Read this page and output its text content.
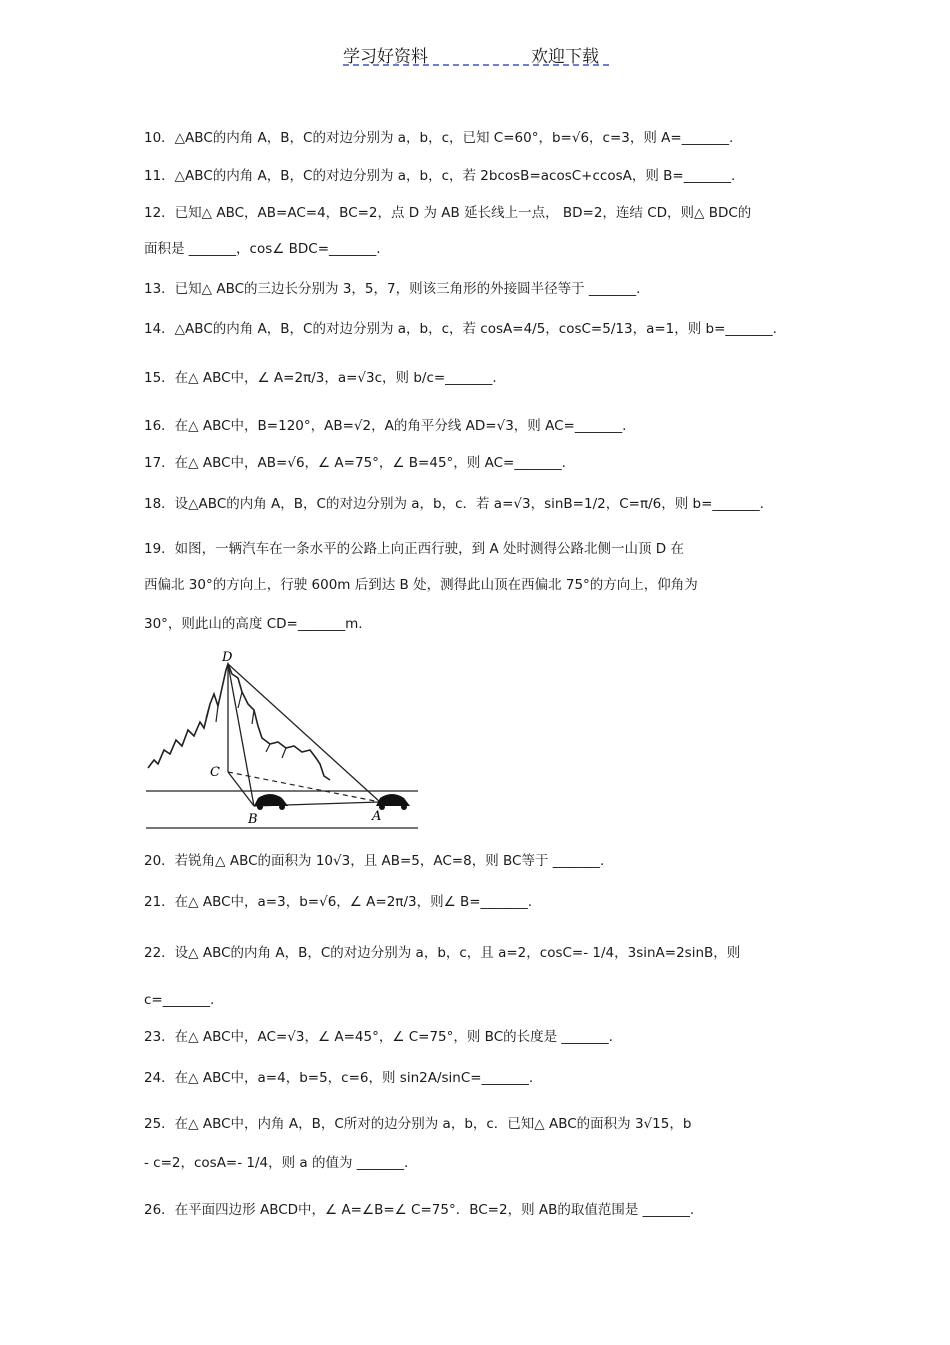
学习好资料	欢迎下载
10．△ABC的内角 A，B，C的对边分别为 a，b，c，已知 C=60°，b=√6，c=3，则 A=_______.
11．△ABC的内角 A，B，C的对边分别为 a，b，c，若 2bcosB=acosC+ccosA，则 B=_______.
12．已知△ ABC，AB=AC=4，BC=2，点 D 为 AB 延长线上一点， BD=2，连结 CD，则△ BDC的
面积是 _______，cos∠ BDC=_______.
13．已知△ ABC的三边长分别为 3，5，7，则该三角形的外接圆半径等于 _______.
14．△ABC的内角 A，B，C的对边分别为 a，b，c，若 cosA=4/5，cosC=5/13，a=1，则 b=_______.
15．在△ ABC中，∠ A=2π/3，a=√3c，则 b/c=_______.
16．在△ ABC中，B=120°，AB=√2，A的角平分线 AD=√3，则 AC=_______.
17．在△ ABC中，AB=√6，∠ A=75°，∠ B=45°，则 AC=_______.
18．设△ABC的内角 A，B，C的对边分别为 a，b，c．若 a=√3，sinB=1/2，C=π/6，则 b=_______.
19．如图，一辆汽车在一条水平的公路上向正西行驶，到 A 处时测得公路北侧一山顶 D 在
西偏北 30°的方向上，行驶 600m 后到达 B 处，测得此山顶在西偏北 75°的方向上，仰角为
30°，则此山的高度 CD=_______m.
20．若锐角△ ABC的面积为 10√3，且 AB=5，AC=8，则 BC等于 _______.
21．在△ ABC中，a=3，b=√6，∠ A=2π/3，则∠ B=_______.
22．设△ ABC的内角 A，B，C的对边分别为 a，b，c，且 a=2，cosC=- 1/4，3sinA=2sinB，则
c=_______.
23．在△ ABC中，AC=√3，∠ A=45°，∠ C=75°，则 BC的长度是 _______.
24．在△ ABC中，a=4，b=5，c=6，则 sin2A/sinC=_______.
25．在△ ABC中，内角 A，B，C所对的边分别为 a，b，c．已知△ ABC的面积为 3√15，b
- c=2，cosA=- 1/4，则 a 的值为 _______.
26．在平面四边形 ABCD中，∠ A=∠B=∠ C=75°．BC=2，则 AB的取值范围是 _______.
D
C
B	A
